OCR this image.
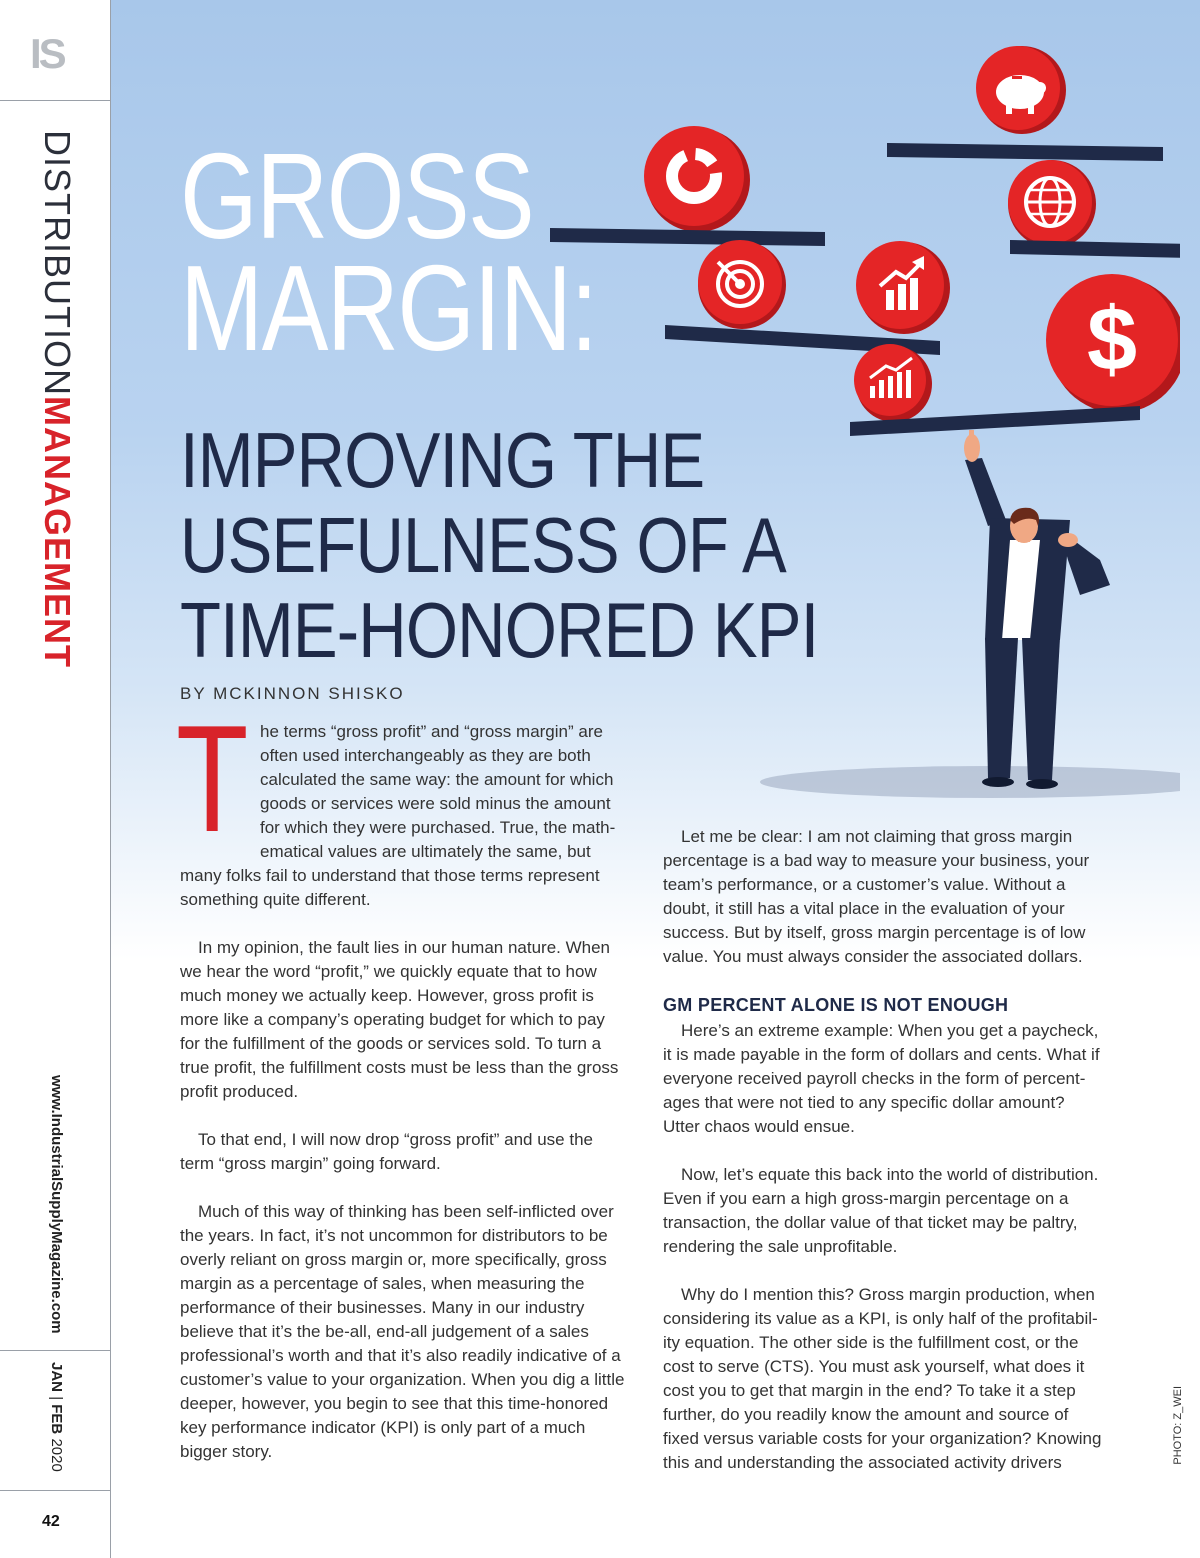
IS
DISTRIBUTIONMANAGEMENT
www.IndustrialSupplyMagazine.com
JAN | FEB 2020
42
$
GROSS
MARGIN:
IMPROVING THE
USEFULNESS OF A
TIME-HONORED KPI
BY MCKINNON SHISKO

The terms “gross profit” and “gross margin” are often used interchangeably as they are both calculated the same way: the amount for which goods or services were sold minus the amount for which they were purchased. True, the mathematical values are ultimately the same, but many folks fail to understand that those terms represent something quite different.

In my opinion, the fault lies in our human nature. When we hear the word “profit,” we quickly equate that to how much money we actually keep. However, gross profit is more like a company’s operating budget for which to pay for the fulfillment of the goods or services sold. To turn a true profit, the fulfillment costs must be less than the gross profit produced.

To that end, I will now drop “gross profit” and use the term “gross margin” going forward.

Much of this way of thinking has been self-inflicted over the years. In fact, it’s not uncommon for distributors to be overly reliant on gross margin or, more specifically, gross margin as a percentage of sales, when measuring the performance of their businesses. Many in our industry believe that it’s the be-all, end-all judgement of a sales professional’s worth and that it’s also readily indicative of a customer’s value to your organization. When you dig a little deeper, however, you begin to see that this time-honored key performance indicator (KPI) is only part of a much bigger story.

Let me be clear: I am not claiming that gross margin percentage is a bad way to measure your business, your team’s performance, or a customer’s value. Without a doubt, it still has a vital place in the evaluation of your success. But by itself, gross margin percentage is of low value. You must always consider the associated dollars.

GM PERCENT ALONE IS NOT ENOUGH

Here’s an extreme example: When you get a paycheck, it is made payable in the form of dollars and cents. What if everyone received payroll checks in the form of percentages that were not tied to any specific dollar amount? Utter chaos would ensue.

Now, let’s equate this back into the world of distribution. Even if you earn a high gross-margin percentage on a transaction, the dollar value of that ticket may be paltry, rendering the sale unprofitable.

Why do I mention this? Gross margin production, when considering its value as a KPI, is only half of the profitability equation. The other side is the fulfillment cost, or the cost to serve (CTS). You must ask yourself, what does it cost you to get that margin in the end? To take it a step further, do you readily know the amount and source of fixed versus variable costs for your organization? Knowing this and understanding the associated activity drivers	PHOTO: Z_WEI
